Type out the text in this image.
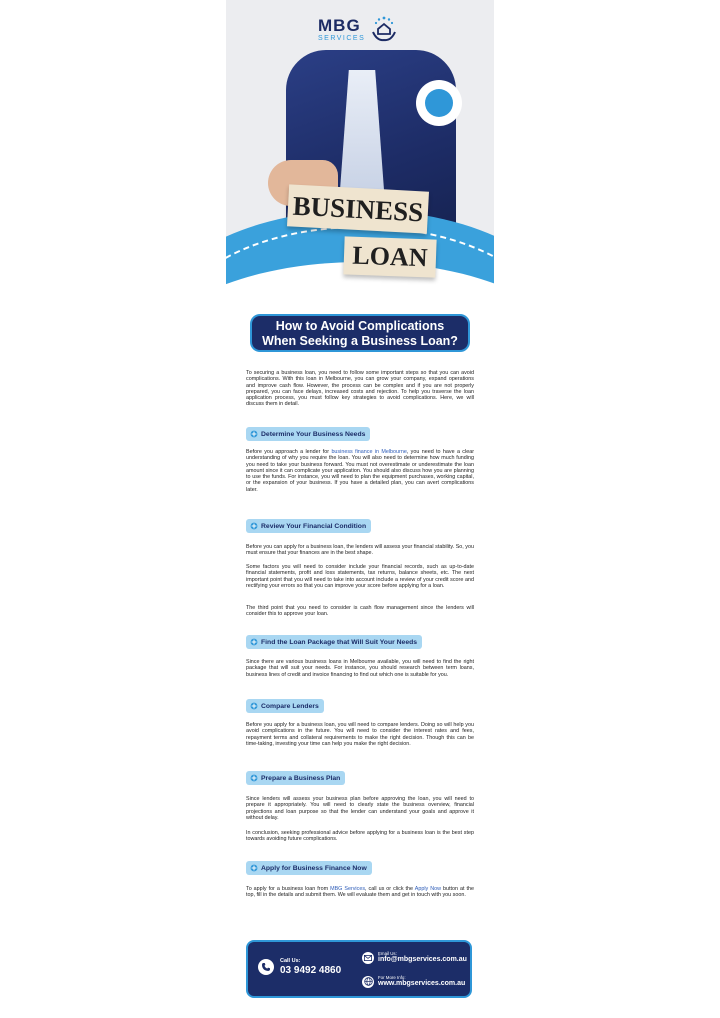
BUSINESS
LOAN
MBG
SERVICES
How to Avoid Complications
When Seeking a Business Loan?

To securing a business loan, you need to follow some important steps so that you can avoid complications. With this loan in Melbourne, you can grow your company, expand operations and improve cash flow. However, the process can be complex and if you are not properly prepared, you can face delays, increased costs and rejection. To help you traverse the loan application process, you must follow key strategies to avoid complications. Here, we will discuss them in detail.

Determine Your Business Needs

Before you approach a lender for business finance in Melbourne, you need to have a clear understanding of why you require the loan. You will also need to determine how much funding you need to take your business forward. You must not overestimate or underestimate the loan amount since it can complicate your application. You should also discuss how you are planning to use the funds. For instance, you will need to plan the equipment purchases, working capital, or the expansion of your business. If you have a detailed plan, you can avert complications later.

Review Your Financial Condition

Before you can apply for a business loan, the lenders will assess your financial stability. So, you must ensure that your finances are in the best shape.

Some factors you will need to consider include your financial records, such as up-to-date financial statements, profit and loss statements, tax returns, balance sheets, etc. The next important point that you will need to take into account include a review of your credit score and rectifying your errors so that you can improve your score before applying for a loan.

The third point that you need to consider is cash flow management since the lenders will consider this to approve your loan.

Find the Loan Package that Will Suit Your Needs

Since there are various business loans in Melbourne available, you will need to find the right package that will suit your needs. For instance, you should research between term loans, business lines of credit and invoice financing to find out which one is suitable for you.

Compare Lenders

Before you apply for a business loan, you will need to compare lenders. Doing so will help you avoid complications in the future. You will need to consider the interest rates and fees, repayment terms and collateral requirements to make the right decision. Though this can be time-taking, investing your time can help you make the right decision.

Prepare a Business Plan

Since lenders will assess your business plan before approving the loan, you will need to prepare it appropriately. You will need to clearly state the business overview, financial projections and loan purpose so that the lender can understand your goals and approve it without delay.

In conclusion, seeking professional advice before applying for a business loan is the best step towards avoiding future complications.

Apply for Business Finance Now

To apply for a business loan from MBG Services, call us or click the Apply Now button at the top, fill in the details and submit them. We will evaluate them and get in touch with you soon.

Call Us:
03 9492 4860
Email Us:
info@mbgservices.com.au
For More Info:
www.mbgservices.com.au
